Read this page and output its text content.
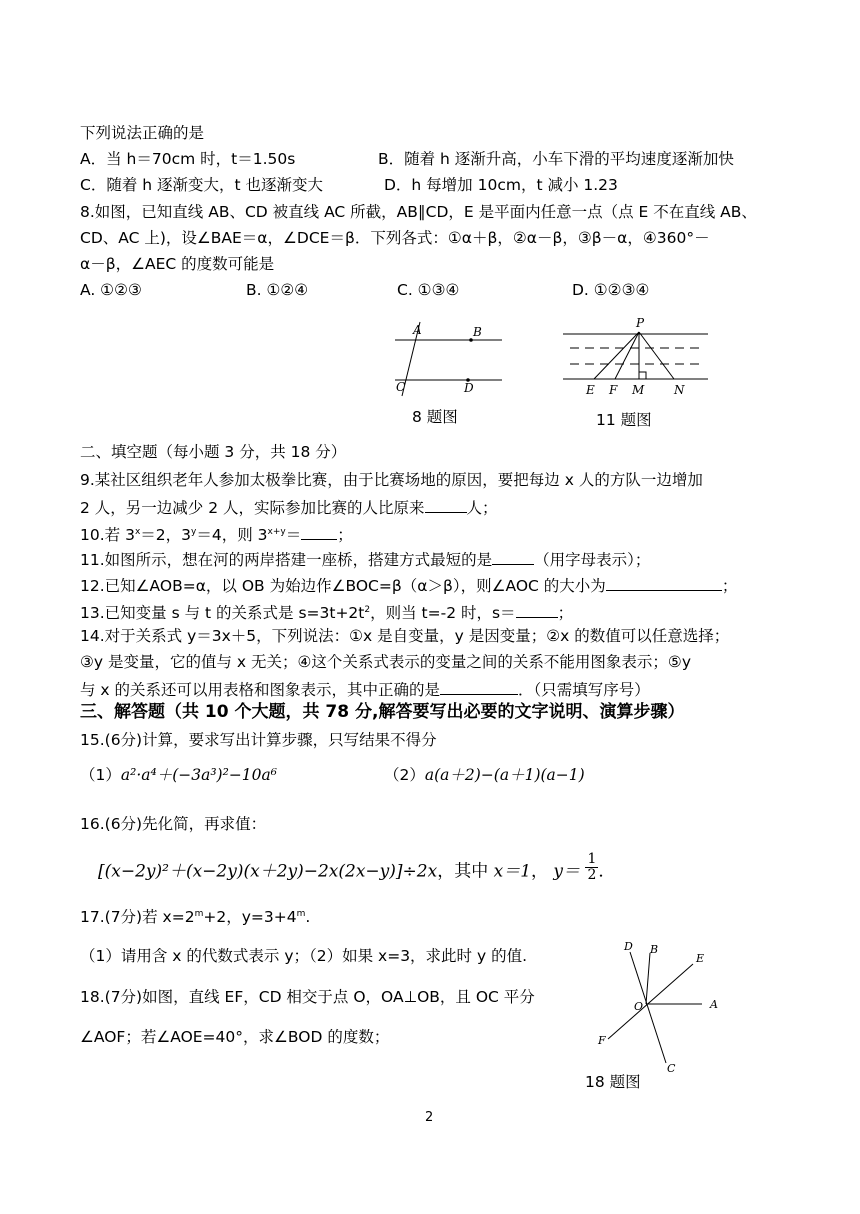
下列说法正确的是
A．当 h＝70cm 时，t＝1.50s	B．随着 h 逐渐升高，小车下滑的平均速度逐渐加快
C．随着 h 逐渐变大，t 也逐渐变大	D．h 每增加 10cm，t 减小 1.23
8.如图，已知直线 AB、CD 被直线 AC 所截，AB∥CD，E 是平面内任意一点（点 E 不在直线 AB、
CD、AC 上)，设∠BAE＝α，∠DCE＝β．下列各式：①α＋β，②α－β，③β－α，④360°－
α－β，∠AEC 的度数可能是
A. ①②③	B. ①②④	C. ①③④	D. ①②③④
A	B
C	D
8 题图
P
E F M N
11 题图
二、填空题（每小题 3 分，共 18 分）
9.某社区组织老年人参加太极拳比赛，由于比赛场地的原因，要把每边 x 人的方队一边增加
2 人，另一边减少 2 人，实际参加比赛的人比原来	人；
10.若 $3^x=2$，$3^y=4$，则 $3^{x+y}=$ ；
11.如图所示，想在河的两岸搭建一座桥，搭建方式最短的是	（用字母表示）；
12.已知∠AOB=α，以 OB 为始边作∠BOC=β（α＞β），则∠AOC 的大小为	；
13.已知变量 s 与 t 的关系式是 $s=3t+2t^2$，则当 t=-2 时，s＝	；
14.对于关系式 y＝3x＋5，下列说法：①x 是自变量，y 是因变量；②x 的数值可以任意选择；
③y 是变量，它的值与 x 无关；④这个关系式表示的变量之间的关系不能用图象表示；⑤y
与 x 的关系还可以用表格和图象表示，其中正确的是	．（只需填写序号）
三、解答题（共 10 个大题，共 78 分,解答要写出必要的文字说明、演算步骤）
15.(6分)计算，要求写出计算步骤，只写结果不得分
（1）a²·a⁴＋(−3a³)²−10a⁶	（2）a(a＋2)−(a＋1)(a−1)
16.(6分)先化简，再求值：
[(x−2y)²＋(x−2y)(x＋2y)−2x(2x−y)]÷2x，其中 x＝1， $y= \frac{1}{2}$ ．
17.(7分)若 $x=2^m+2$，$y=3+4^m$.
（1）请用含 x 的代数式表示 y；（2）如果 x=3，求此时 y 的值.
18.(7分)如图，直线 EF，CD 相交于点 O，OA⊥OB，且 OC 平分
∠AOF；若∠AOE=40°，求∠BOD 的度数；
D B
E
O	A
F
C
18 题图
2
